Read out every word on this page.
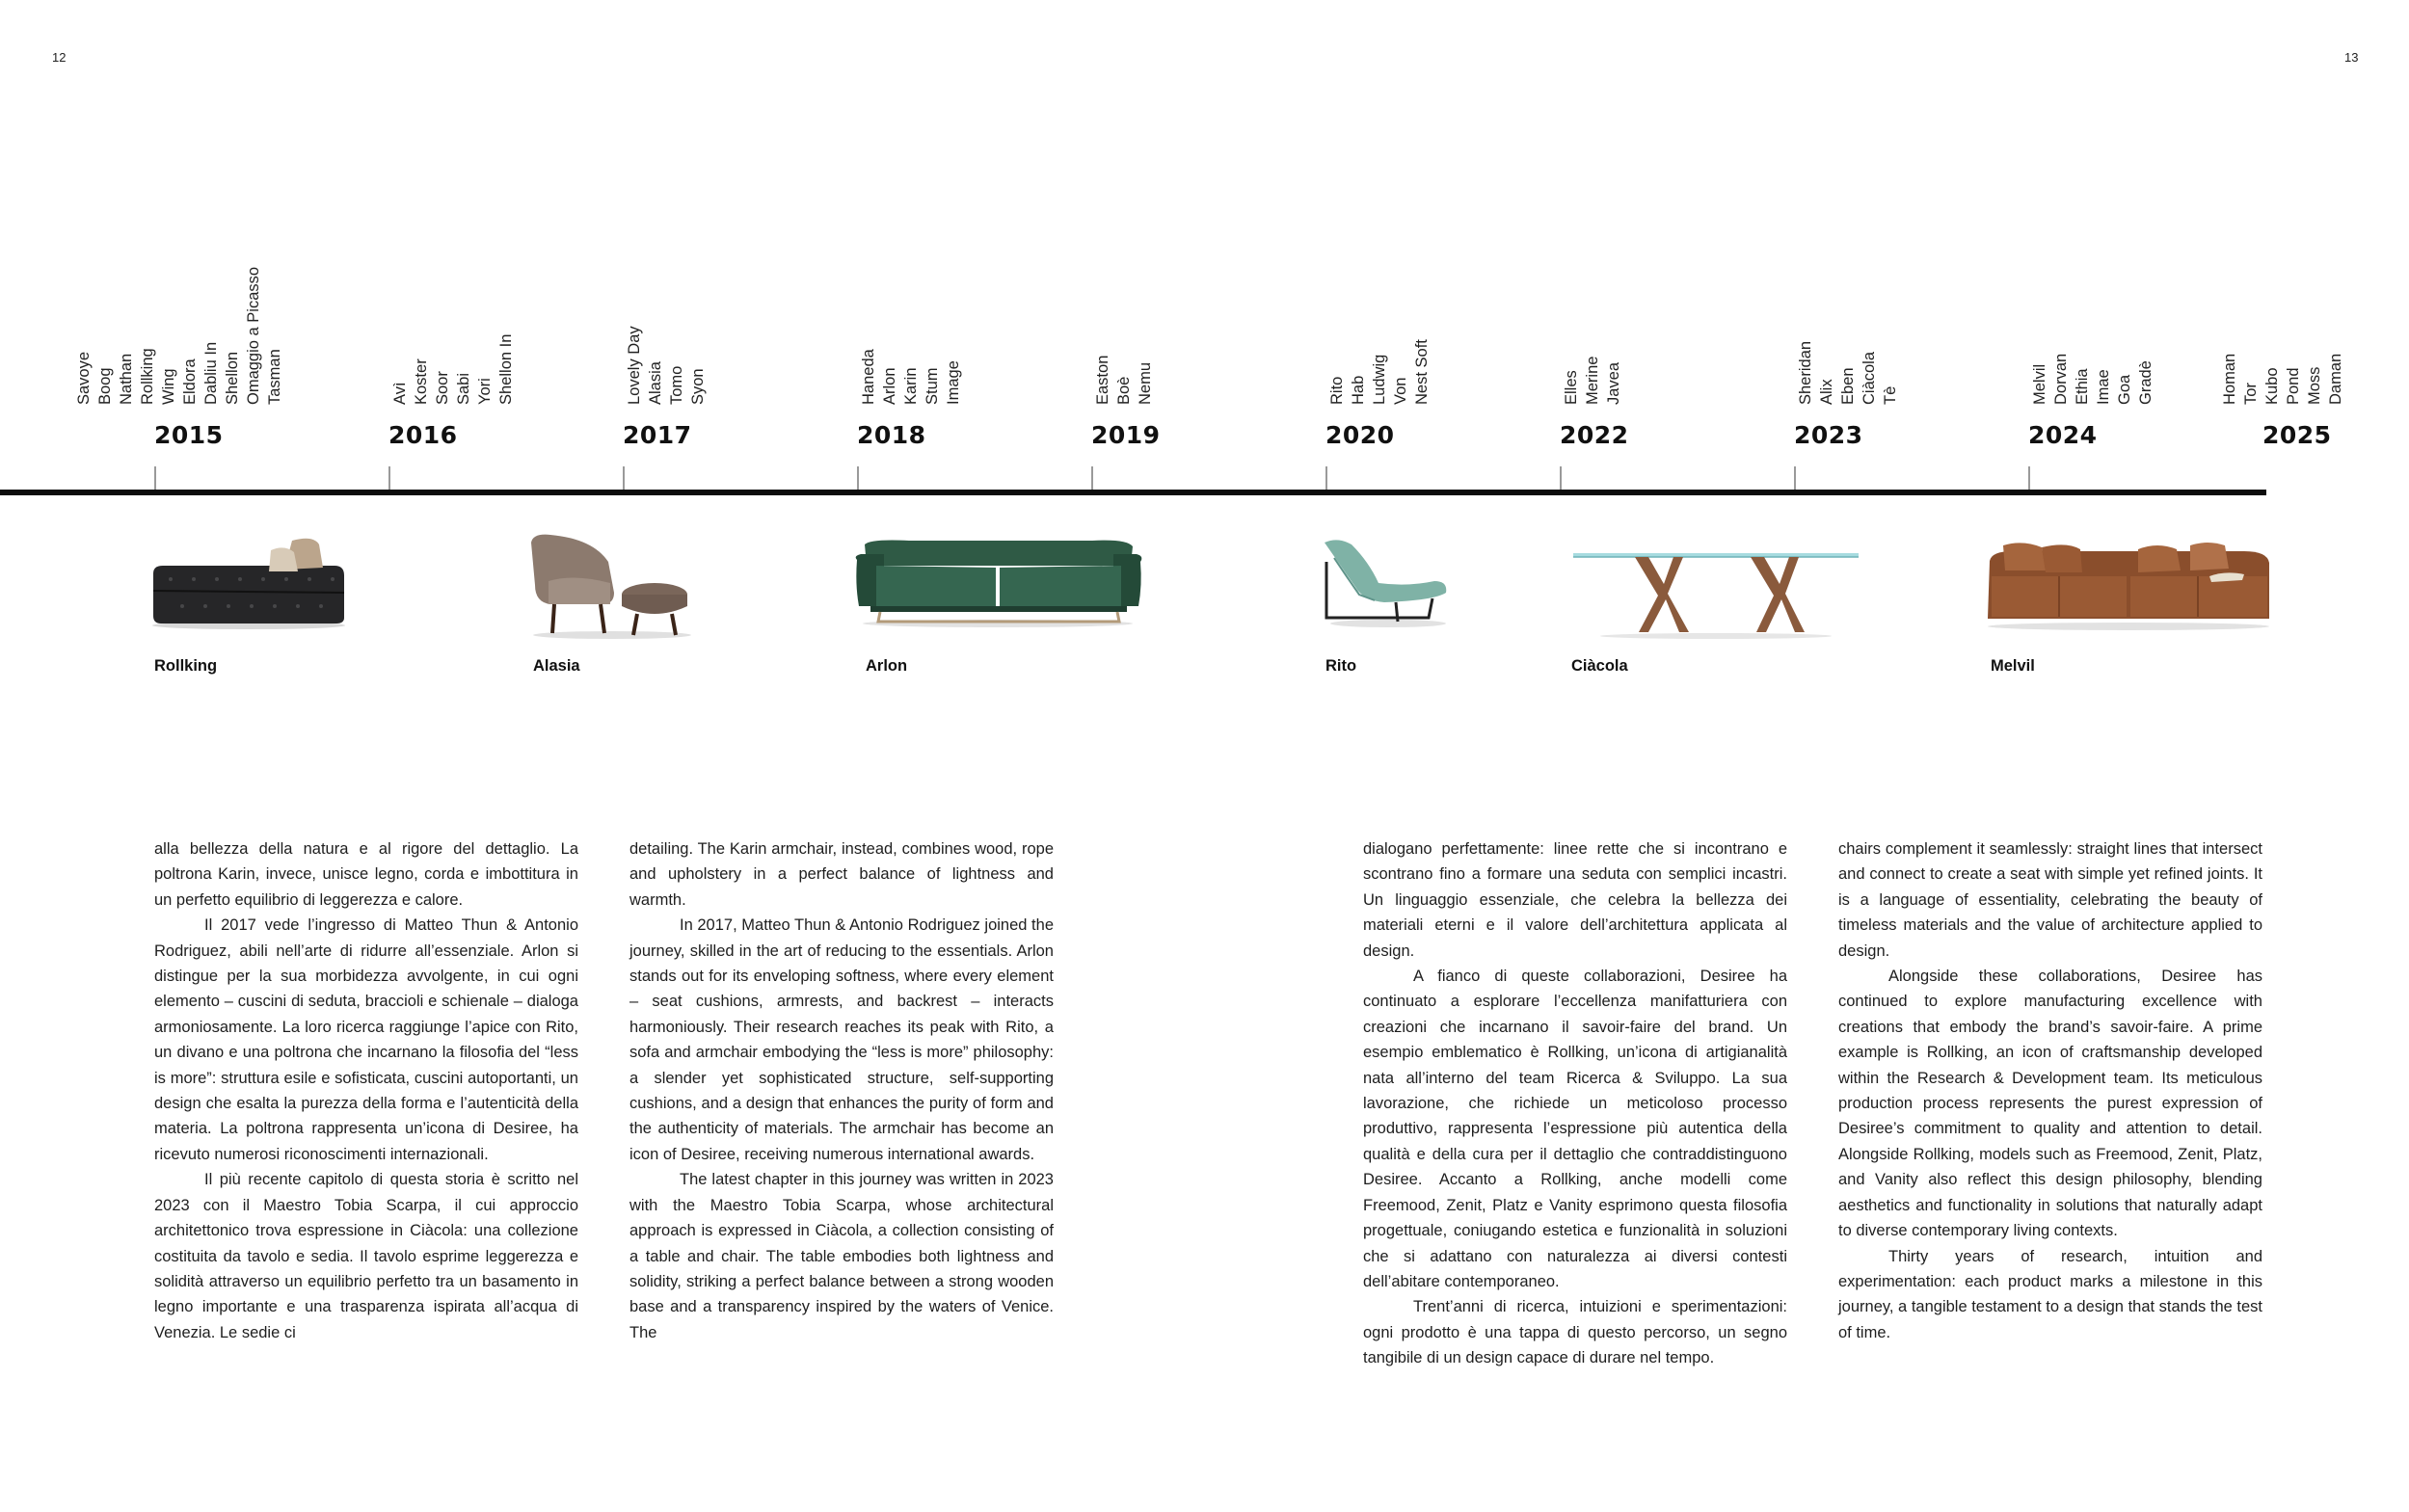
12	13
2015
Savoye Boog Nathan Rollking Wing Eldora Dabliu In Shellon Omaggio a Picasso Tasman
2016
Avì Koster Soor Sabi Yori Shellon In
2017
Lovely Day Alasia Tomo Syon
2018
Haneda Arlon Karin Stum Image
2019
Easton Boè Nemu
2020
Rito Hab Ludwig Von Nest Soft
2022
Elles Merine Javea
2023
Sheridan Alix Eben Ciàcola Tè
2024
Melvil Dorvan Ethia Imae Goa Gradè
2025
Homan Tor Kubo Pond Moss Daman
Rollking	Alasia	Arlon	Rito	Ciàcola	Melvil

alla bellezza della natura e al rigore del dettaglio. La poltrona Karin, invece, unisce legno, corda e imbottitura in un perfetto equilibrio di leggerezza e calore.

Il 2017 vede l’ingresso di Matteo Thun & Antonio Rodriguez, abili nell’arte di ridurre all’essenziale. Arlon si distingue per la sua morbidezza avvolgente, in cui ogni elemento – cuscini di seduta, braccioli e schienale – dialoga armoniosamente. La loro ricerca raggiunge l’apice con Rito, un divano e una poltrona che incarnano la filosofia del “less is more”: struttura esile e sofisticata, cuscini autoportanti, un design che esalta la purezza della forma e l’autenticità della materia. La poltrona rappresenta un’icona di Desiree, ha ricevuto numerosi riconoscimenti internazionali.

Il più recente capitolo di questa storia è scritto nel 2023 con il Maestro Tobia Scarpa, il cui approccio architettonico trova espressione in Ciàcola: una collezione costituita da tavolo e sedia. Il tavolo esprime leggerezza e solidità attraverso un equilibrio perfetto tra un basamento in legno importante e una trasparenza ispirata all’acqua di Venezia. Le sedie ci

detailing. The Karin armchair, instead, combines wood, rope and upholstery in a perfect balance of lightness and warmth.

In 2017, Matteo Thun & Antonio Rodriguez joined the journey, skilled in the art of reducing to the essentials. Arlon stands out for its enveloping softness, where every element – seat cushions, armrests, and backrest – interacts harmoniously. Their research reaches its peak with Rito, a sofa and armchair embodying the “less is more” philosophy: a slender yet sophisticated structure, self-supporting cushions, and a design that enhances the purity of form and the authenticity of materials. The armchair has become an icon of Desiree, receiving numerous international awards.

The latest chapter in this journey was written in 2023 with the Maestro Tobia Scarpa, whose architectural approach is expressed in Ciàcola, a collection consisting of a table and chair. The table embodies both lightness and solidity, striking a perfect balance between a strong wooden base and a transparency inspired by the waters of Venice. The

dialogano perfettamente: linee rette che si incontrano e scontrano fino a formare una seduta con semplici incastri. Un linguaggio essenziale, che celebra la bellezza dei materiali eterni e il valore dell’architettura applicata al design.

A fianco di queste collaborazioni, Desiree ha continuato a esplorare l’eccellenza manifatturiera con creazioni che incarnano il savoir-faire del brand. Un esempio emblematico è Rollking, un’icona di artigianalità nata all’interno del team Ricerca & Sviluppo. La sua lavorazione, che richiede un meticoloso processo produttivo, rappresenta l’espressione più autentica della qualità e della cura per il dettaglio che contraddistinguono Desiree. Accanto a Rollking, anche modelli come Freemood, Zenit, Platz e Vanity esprimono questa filosofia progettuale, coniugando estetica e funzionalità in soluzioni che si adattano con naturalezza ai diversi contesti dell’abitare contemporaneo.

Trent’anni di ricerca, intuizioni e sperimentazioni: ogni prodotto è una tappa di questo percorso, un segno tangibile di un design capace di durare nel tempo.

chairs complement it seamlessly: straight lines that intersect and connect to create a seat with simple yet refined joints. It is a language of essentiality, celebrating the beauty of timeless materials and the value of architecture applied to design.

Alongside these collaborations, Desiree has continued to explore manufacturing excellence with creations that embody the brand’s savoir-faire. A prime example is Rollking, an icon of craftsmanship developed within the Research & Development team. Its meticulous production process represents the purest expression of Desiree’s commitment to quality and attention to detail. Alongside Rollking, models such as Freemood, Zenit, Platz, and Vanity also reflect this design philosophy, blending aesthetics and functionality in solutions that naturally adapt to diverse contemporary living contexts.

Thirty years of research, intuition and experimentation: each product marks a milestone in this journey, a tangible testament to a design that stands the test of time.
